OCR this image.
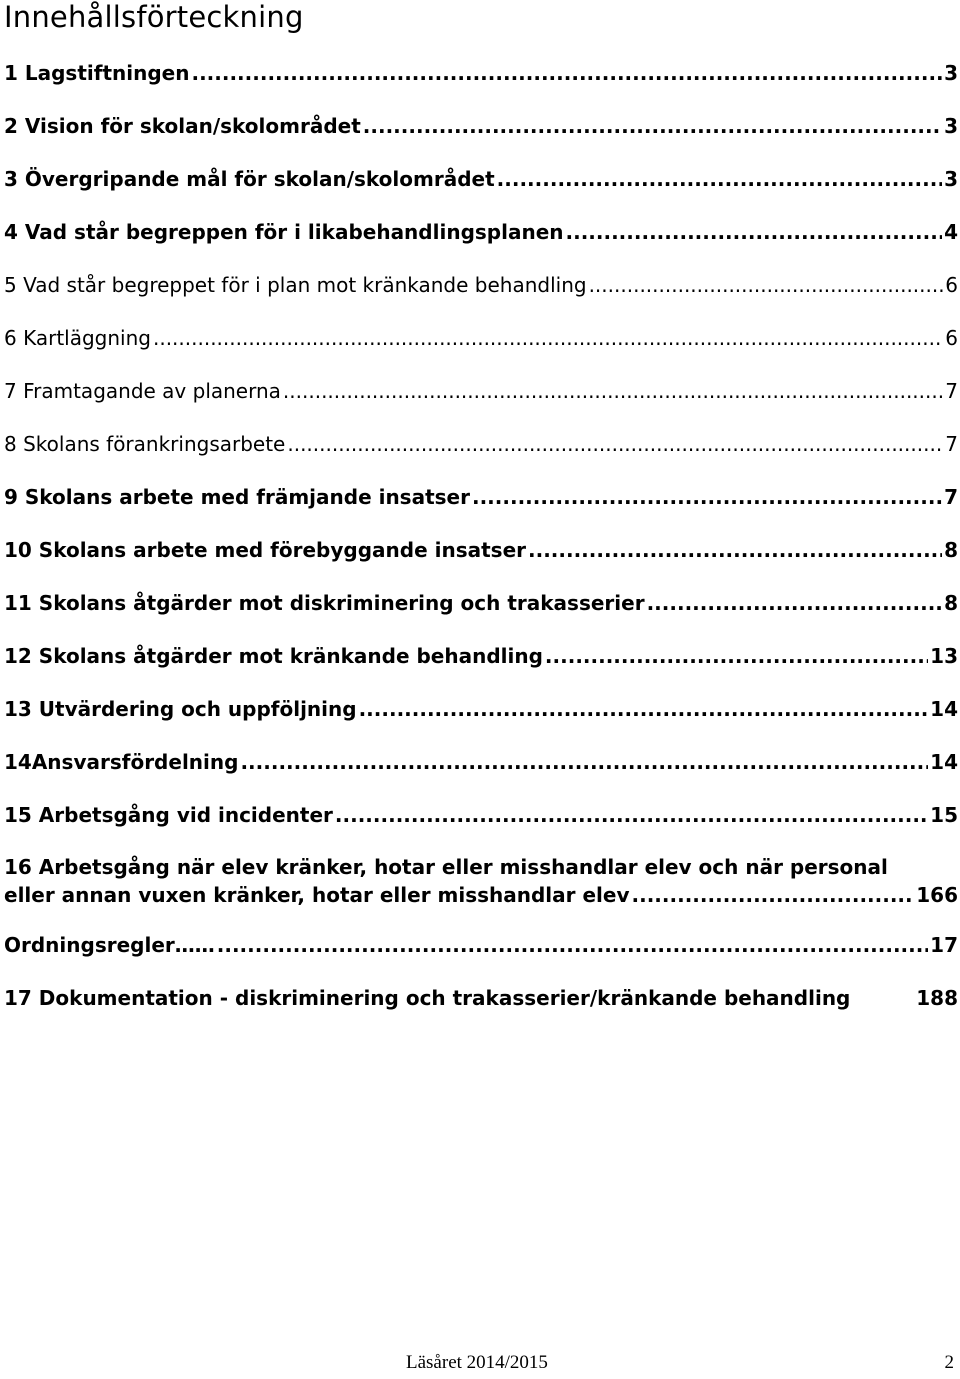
Innehållsförteckning
1 Lagstiftningen .....	3
2 Vision för skolan/skolområdet .....	3
3 Övergripande mål för skolan/skolområdet .....	3
4 Vad står begreppen för i likabehandlingsplanen .....	4
5 Vad står begreppet för i plan mot kränkande behandling .....	6
6 Kartläggning .....	6
7 Framtagande av planerna .....	7
8 Skolans förankringsarbete .....	7
9 Skolans arbete med främjande insatser .....	7
10 Skolans arbete med förebyggande insatser .....	8
11 Skolans åtgärder mot diskriminering och trakasserier .....	8
12 Skolans åtgärder mot kränkande behandling .....	13
13 Utvärdering och uppföljning .....	14
14Ansvarsfördelning .....	14
15 Arbetsgång vid incidenter .....	15
16 Arbetsgång när elev kränker, hotar eller misshandlar elev och när personal
eller annan vuxen kränker, hotar eller misshandlar elev .....	166
Ordningsregler…… .....	17
17 Dokumentation - diskriminering och trakasserier/kränkande behandling	188
Läsåret 2014/2015	2
